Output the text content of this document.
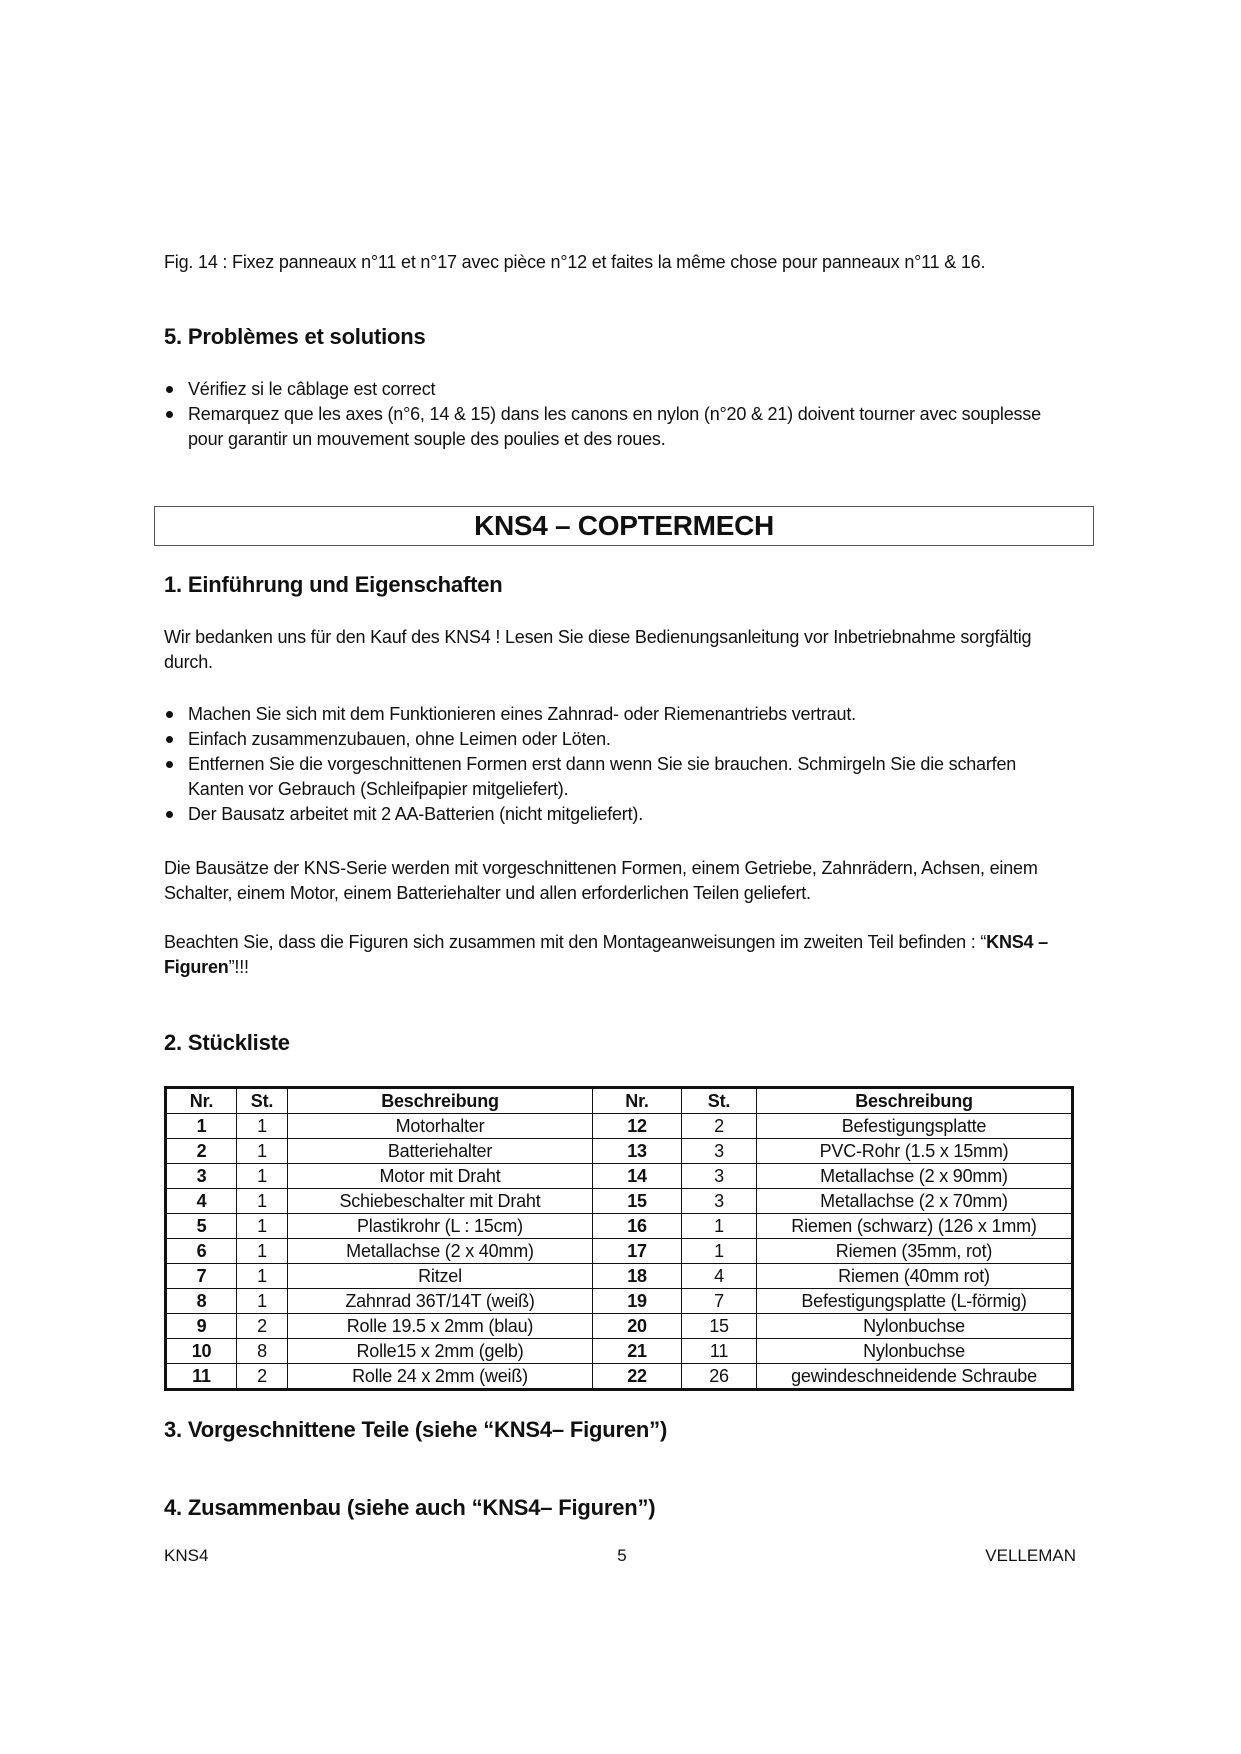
Fig. 14 : Fixez panneaux n°11 et n°17 avec pièce n°12 et faites la même chose pour panneaux n°11 & 16.
5. Problèmes et solutions
Vérifiez si le câblage est correct
Remarquez que les axes (n°6, 14 & 15) dans les canons en nylon (n°20 & 21) doivent tourner avec souplesse pour garantir un mouvement souple des poulies et des roues.
KNS4 – COPTERMECH
1. Einführung und Eigenschaften
Wir bedanken uns für den Kauf des KNS4 ! Lesen Sie diese Bedienungsanleitung vor Inbetriebnahme sorgfältig durch.
Machen Sie sich mit dem Funktionieren eines Zahnrad- oder Riemenantriebs vertraut.
Einfach zusammenzubauen, ohne Leimen oder Löten.
Entfernen Sie die vorgeschnittenen Formen erst dann wenn Sie sie brauchen. Schmirgeln Sie die scharfen Kanten vor Gebrauch (Schleifpapier mitgeliefert).
Der Bausatz arbeitet mit 2 AA-Batterien (nicht mitgeliefert).
Die Bausätze der KNS-Serie werden mit vorgeschnittenen Formen, einem Getriebe, Zahnrädern, Achsen, einem Schalter, einem Motor, einem Batteriehalter und allen erforderlichen Teilen geliefert.
Beachten Sie, dass die Figuren sich zusammen mit den Montageanweisungen im zweiten Teil befinden : “KNS4 – Figuren”!!!
2. Stückliste
Nr.	St.	Beschreibung	Nr.	St.	Beschreibung
1	1	Motorhalter	12	2	Befestigungsplatte
2	1	Batteriehalter	13	3	PVC-Rohr (1.5 x 15mm)
3	1	Motor mit Draht	14	3	Metallachse (2 x 90mm)
4	1	Schiebeschalter mit Draht	15	3	Metallachse (2 x 70mm)
5	1	Plastikrohr (L : 15cm)	16	1	Riemen (schwarz) (126 x 1mm)
6	1	Metallachse (2 x 40mm)	17	1	Riemen (35mm, rot)
7	1	Ritzel	18	4	Riemen (40mm rot)
8	1	Zahnrad 36T/14T (weiß)	19	7	Befestigungsplatte (L-förmig)
9	2	Rolle 19.5 x 2mm (blau)	20	15	Nylonbuchse
10	8	Rolle15 x 2mm (gelb)	21	11	Nylonbuchse
11	2	Rolle 24 x 2mm (weiß)	22	26	gewindeschneidende Schraube
3. Vorgeschnittene Teile (siehe “KNS4– Figuren”)
4. Zusammenbau (siehe auch “KNS4– Figuren”)
KNS4	5	VELLEMAN
